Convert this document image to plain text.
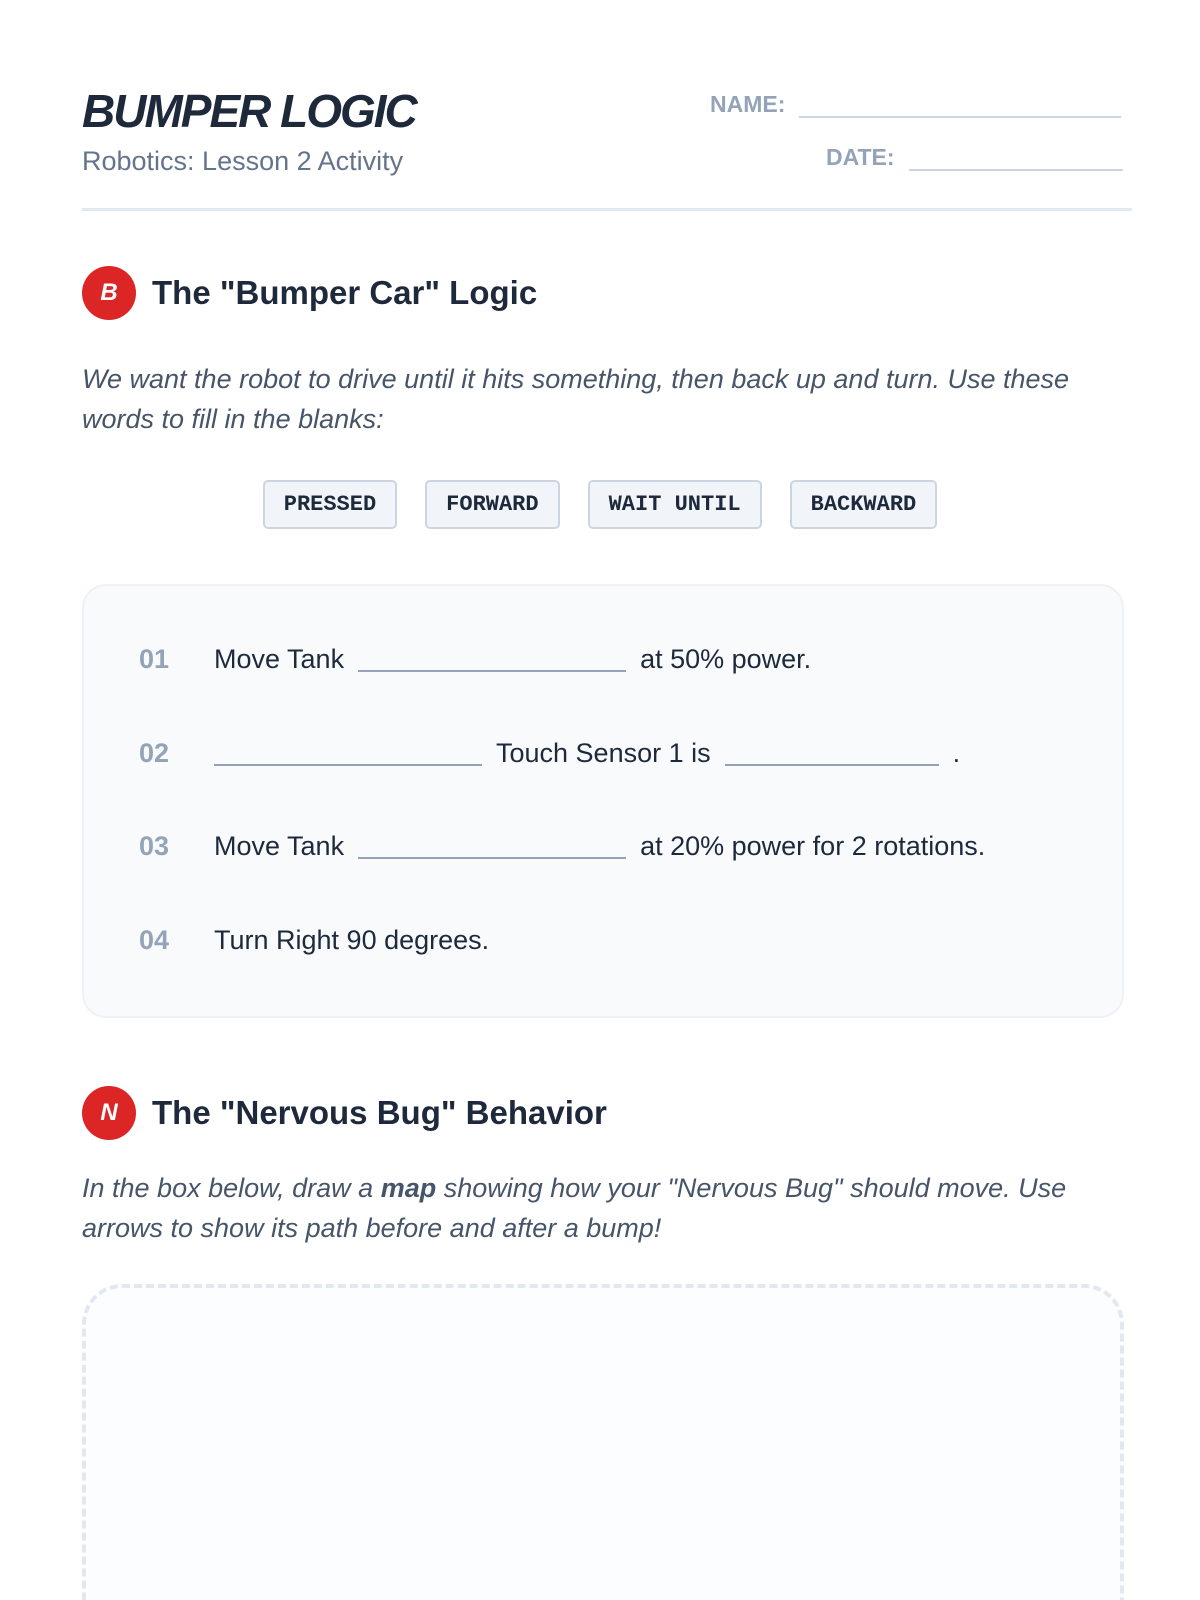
BUMPER LOGIC
Robotics: Lesson 2 Activity
NAME:
DATE:
B	The "Bumper Car" Logic
We want the robot to drive until it hits something, then back up and turn. Use these words to fill in the blanks:
PRESSED	FORWARD	WAIT UNTIL	BACKWARD
01	Move Tank	at 50% power.
02	Touch Sensor 1 is	.
03	Move Tank	at 20% power for 2 rotations.
04	Turn Right 90 degrees.
N	The "Nervous Bug" Behavior
In the box below, draw a map showing how your "Nervous Bug" should move. Use arrows to show its path before and after a bump!
